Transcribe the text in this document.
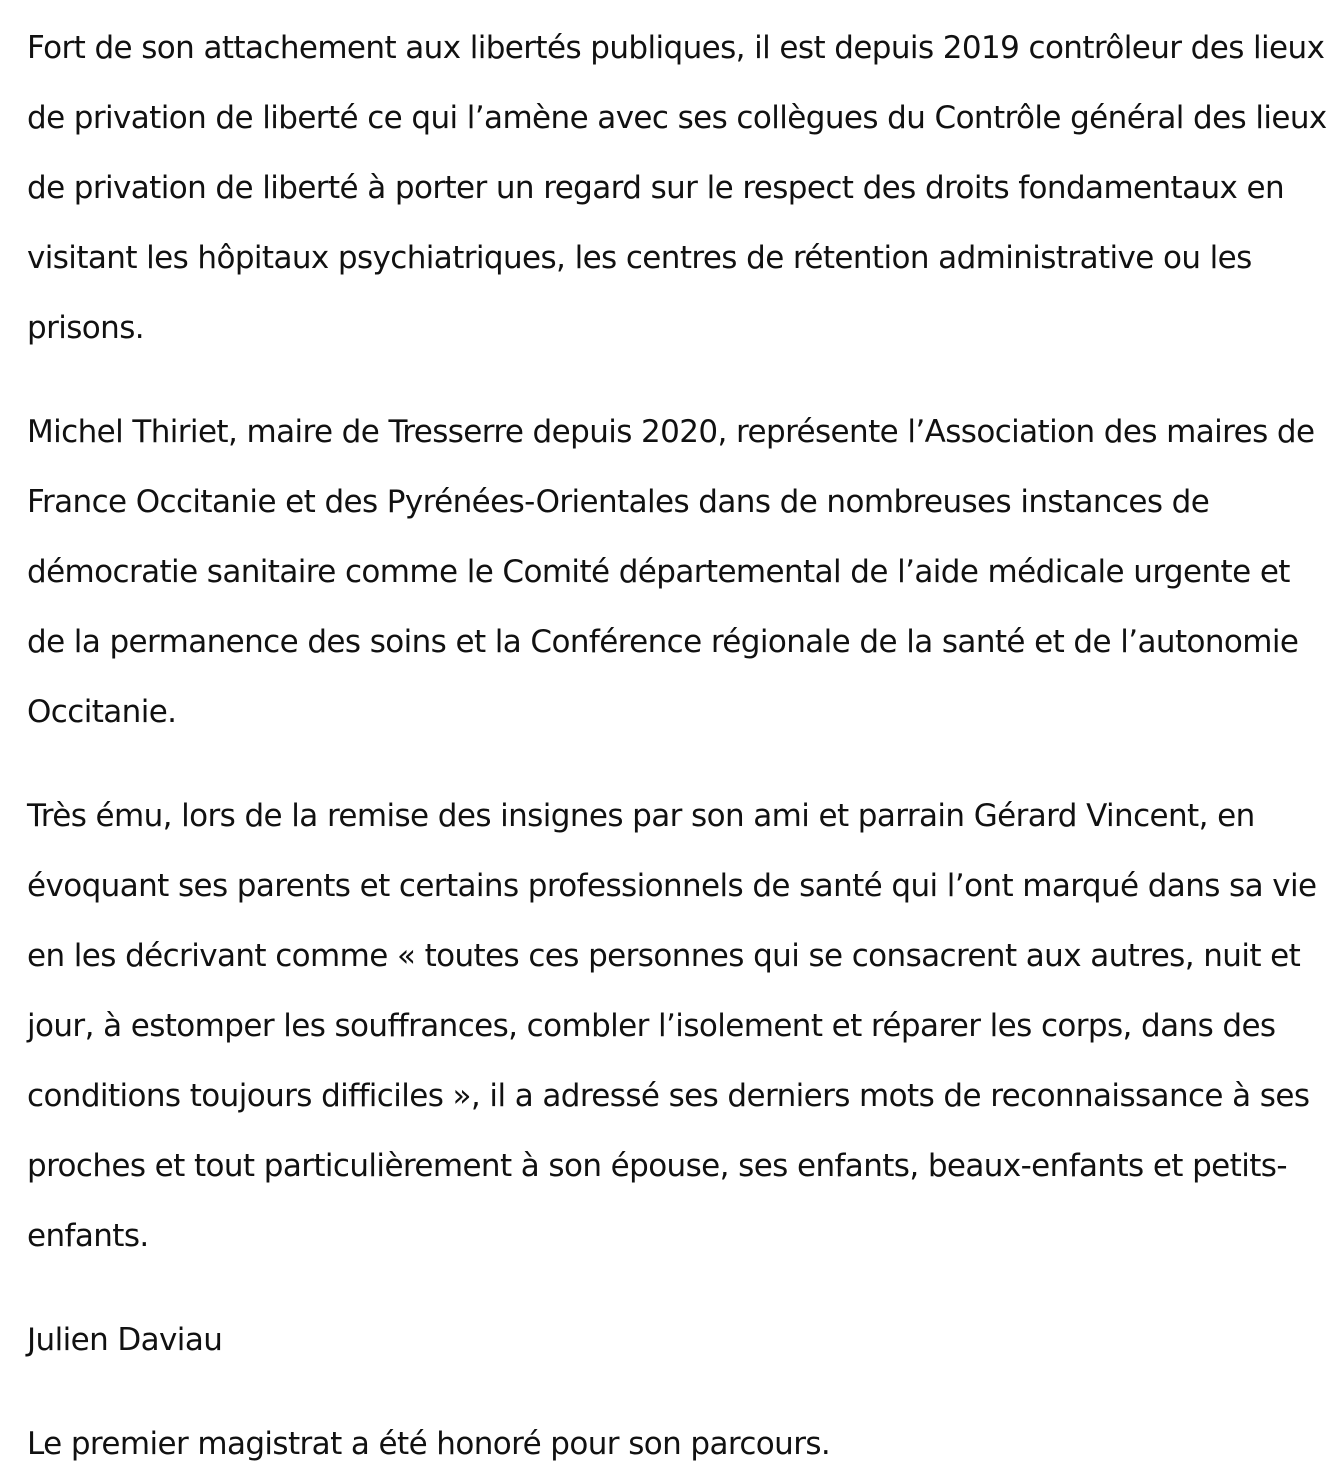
Fort de son attachement aux libertés publiques, il est depuis 2019 contrôleur des lieux de privation de liberté ce qui l’amène avec ses collègues du Contrôle général des lieux de privation de liberté à porter un regard sur le respect des droits fondamentaux en visitant les hôpitaux psychiatriques, les centres de rétention administrative ou les prisons.

Michel Thiriet, maire de Tresserre depuis 2020, représente l’Association des maires de France Occitanie et des Pyrénées-Orientales dans de nombreuses instances de démocratie sanitaire comme le Comité départemental de l’aide médicale urgente et de la permanence des soins et la Conférence régionale de la santé et de l’autonomie Occitanie.

Très ému, lors de la remise des insignes par son ami et parrain Gérard Vincent, en évoquant ses parents et certains professionnels de santé qui l’ont marqué dans sa vie en les décrivant comme « toutes ces personnes qui se consacrent aux autres, nuit et jour, à estomper les souffrances, combler l’isolement et réparer les corps, dans des conditions toujours difficiles », il a adressé ses derniers mots de reconnaissance à ses proches et tout particulièrement à son épouse, ses enfants, beaux-enfants et petits-enfants.

Julien Daviau

Le premier magistrat a été honoré pour son parcours.
